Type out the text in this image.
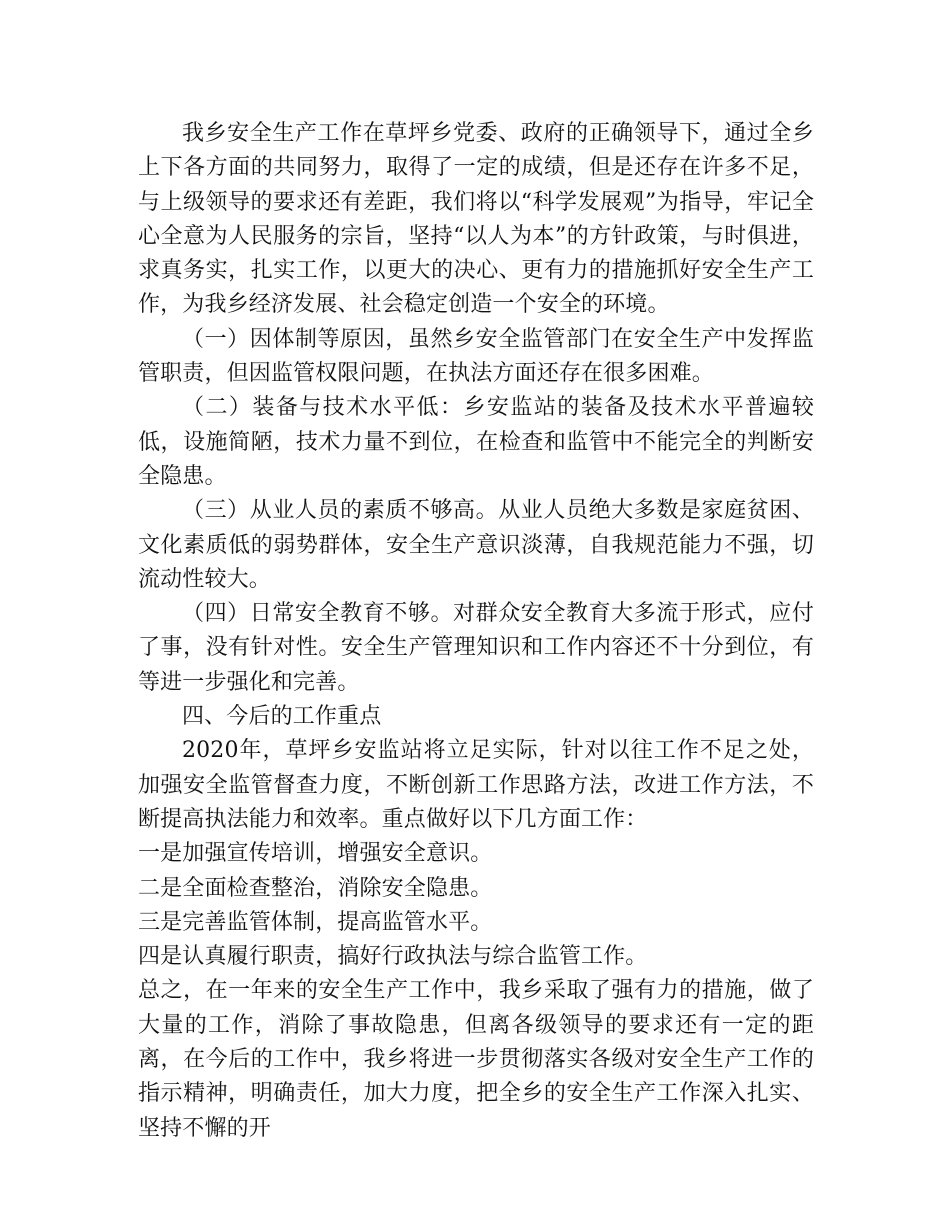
我乡安全生产工作在草坪乡党委、政府的正确领导下，通过全乡上下各方面的共同努力，取得了一定的成绩，但是还存在许多不足，与上级领导的要求还有差距，我们将以“科学发展观”为指导，牢记全心全意为人民服务的宗旨，坚持“以人为本”的方针政策，与时俱进，求真务实，扎实工作，以更大的决心、更有力的措施抓好安全生产工作，为我乡经济发展、社会稳定创造一个安全的环境。

（一）因体制等原因，虽然乡安全监管部门在安全生产中发挥监管职责，但因监管权限问题，在执法方面还存在很多困难。

（二）装备与技术水平低：乡安监站的装备及技术水平普遍较低，设施简陋，技术力量不到位，在检查和监管中不能完全的判断安全隐患。

（三）从业人员的素质不够高。从业人员绝大多数是家庭贫困、文化素质低的弱势群体，安全生产意识淡薄，自我规范能力不强，切流动性较大。

（四）日常安全教育不够。对群众安全教育大多流于形式，应付了事，没有针对性。安全生产管理知识和工作内容还不十分到位，有等进一步强化和完善。

四、今后的工作重点

2020年，草坪乡安监站将立足实际，针对以往工作不足之处，加强安全监管督查力度，不断创新工作思路方法，改进工作方法，不断提高执法能力和效率。重点做好以下几方面工作：

一是加强宣传培训，增强安全意识。

二是全面检查整治，消除安全隐患。

三是完善监管体制，提高监管水平。

四是认真履行职责，搞好行政执法与综合监管工作。

总之，在一年来的安全生产工作中，我乡采取了强有力的措施，做了大量的工作，消除了事故隐患，但离各级领导的要求还有一定的距离，在今后的工作中，我乡将进一步贯彻落实各级对安全生产工作的指示精神，明确责任，加大力度，把全乡的安全生产工作深入扎实、坚持不懈的开
